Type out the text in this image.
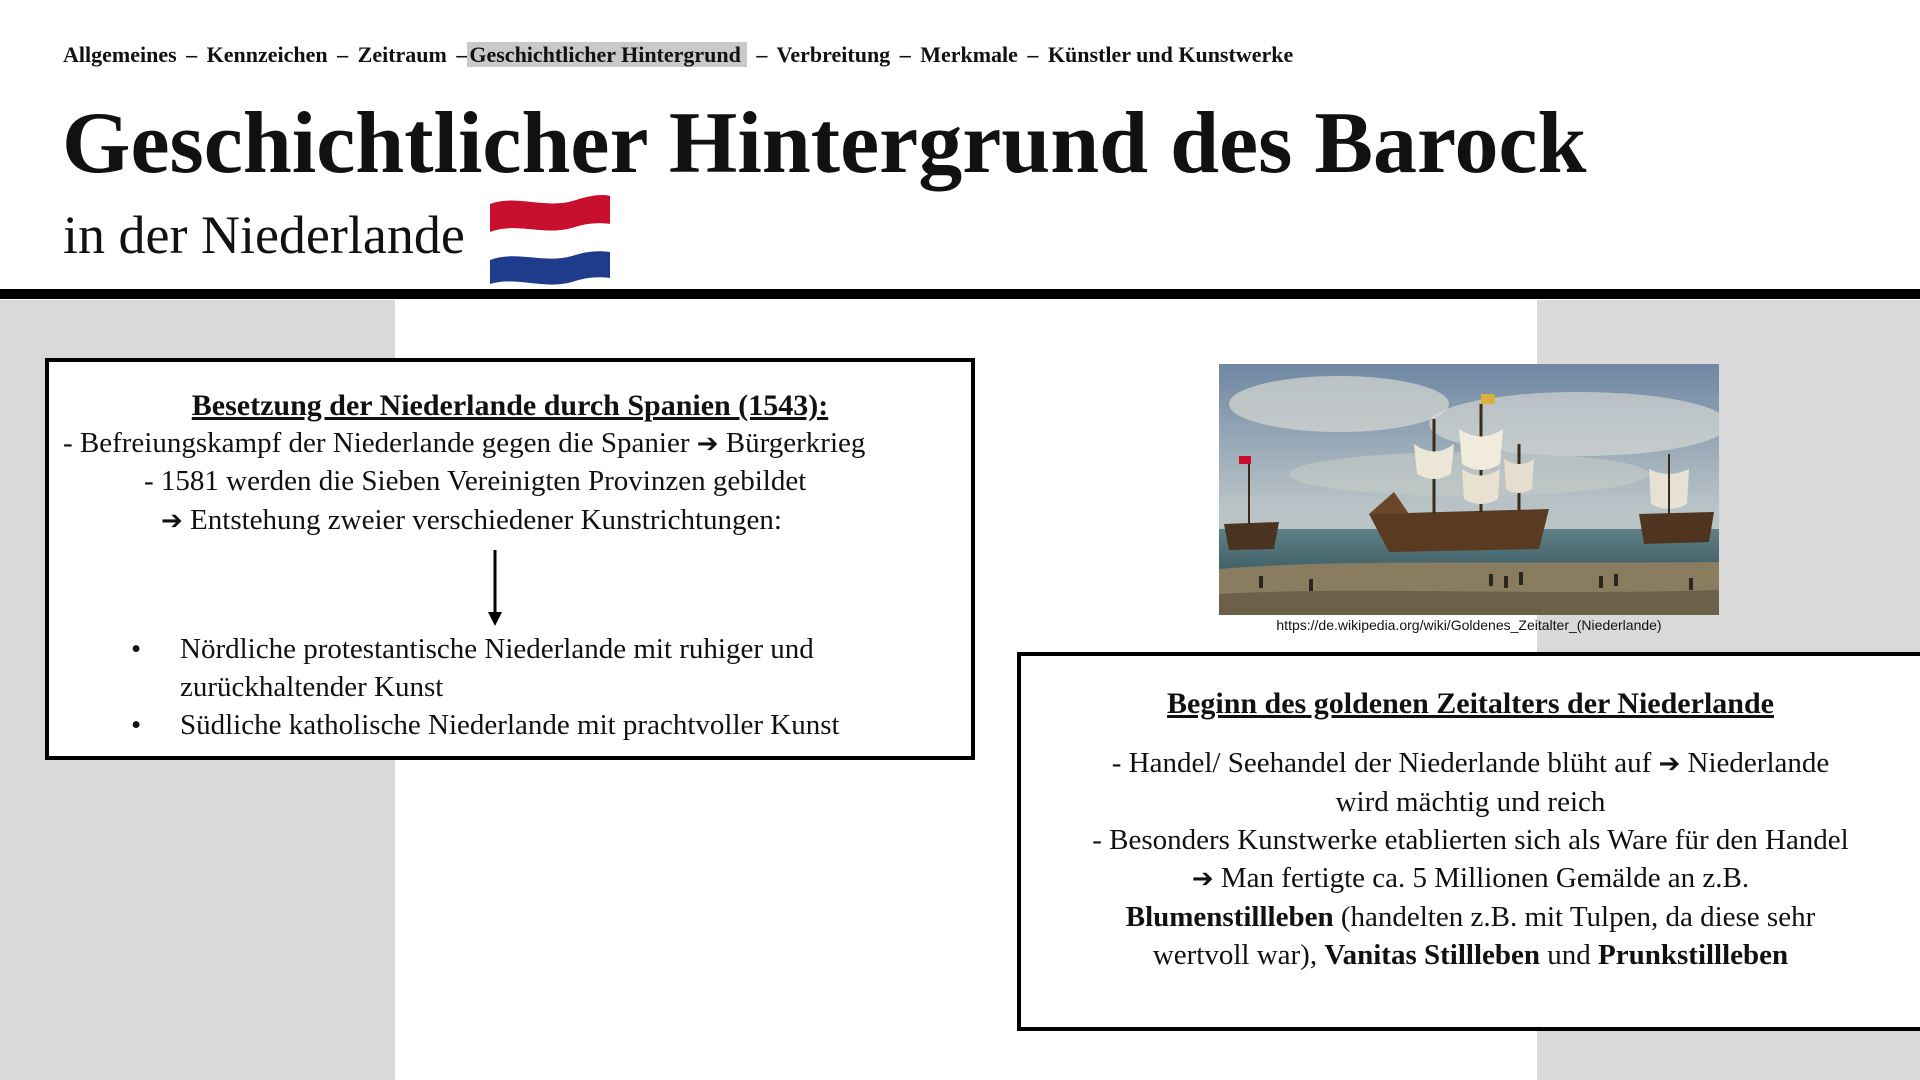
Allgemeines – Kennzeichen – Zeitraum –Geschichtlicher Hintergrund – Verbreitung – Merkmale – Künstler und Kunstwerke
Geschichtlicher Hintergrund des Barock
in der Niederlande
Besetzung der Niederlande durch Spanien (1543):
- Befreiungskampf der Niederlande gegen die Spanier ➔ Bürgerkrieg
- 1581 werden die Sieben Vereinigten Provinzen gebildet
➔ Entstehung zweier verschiedener Kunstrichtungen:
• Nördliche protestantische Niederlande mit ruhiger und zurückhaltender Kunst
• Südliche katholische Niederlande mit prachtvoller Kunst
https://de.wikipedia.org/wiki/Goldenes_Zeitalter_(Niederlande)
Beginn des goldenen Zeitalters der Niederlande

- Handel/ Seehandel der Niederlande blüht auf ➔ Niederlande

wird mächtig und reich

- Besonders Kunstwerke etablierten sich als Ware für den Handel

➔ Man fertigte ca. 5 Millionen Gemälde an z.B.

Blumenstillleben (handelten z.B. mit Tulpen, da diese sehr

wertvoll war), Vanitas Stillleben und Prunkstillleben
